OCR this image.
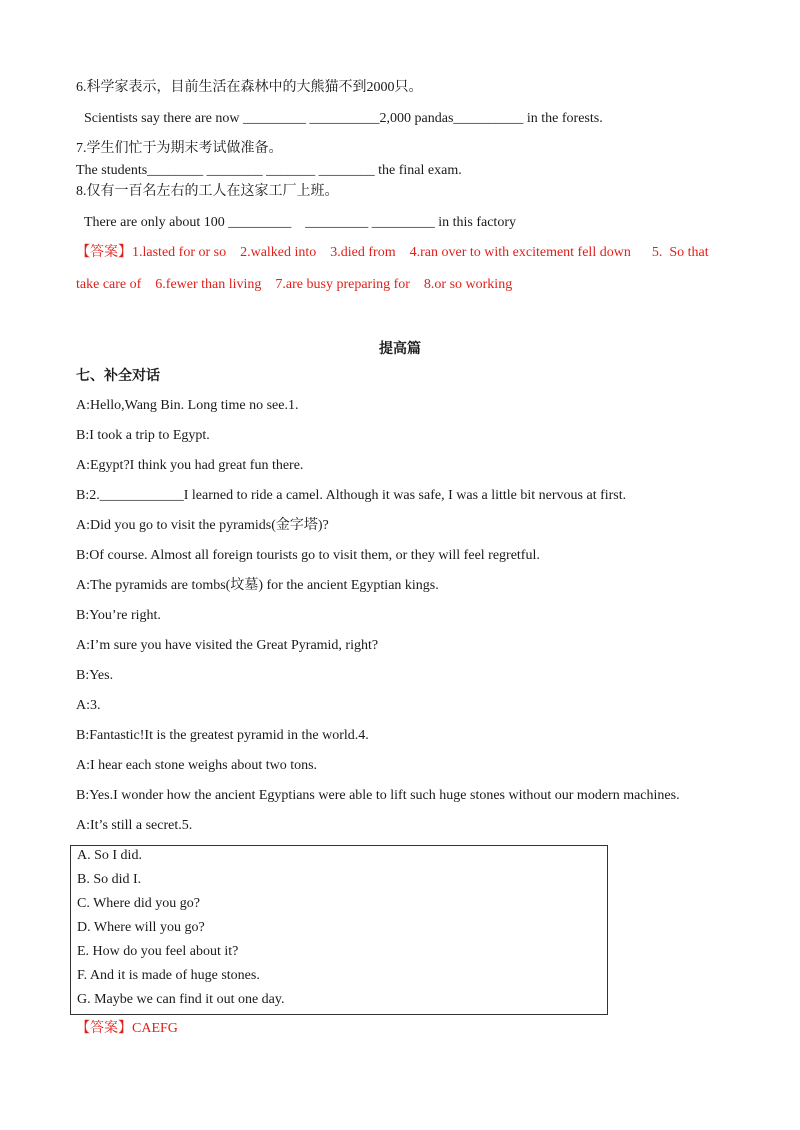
6.科学家表示，目前生活在森林中的大熊猫不到2000只。
Scientists say there are now _________ __________2,000 pandas__________ in the forests.
7.学生们忙于为期末考试做准备。
The students________ ________ _______ ________ the final exam.
8.仅有一百名左右的工人在这家工厂上班。
There are only about 100 _________    _________ _________ in this factory
【答案】1.lasted for or so    2.walked into    3.died from    4.ran over to with excitement fell down      5.  So that
take care of    6.fewer than living    7.are busy preparing for    8.or so working
提高篇
七、补全对话
A:Hello,Wang Bin. Long time no see.1.
B:I took a trip to Egypt.
A:Egypt?I think you had great fun there.
B:2.____________I learned to ride a camel. Although it was safe, I was a little bit nervous at first.
A:Did you go to visit the pyramids(金字塔)?
B:Of course. Almost all foreign tourists go to visit them, or they will feel regretful.
A:The pyramids are tombs(坟墓) for the ancient Egyptian kings.
B:You’re right.
A:I’m sure you have visited the Great Pyramid, right?
B:Yes.
A:3.
B:Fantastic!It is the greatest pyramid in the world.4.
A:I hear each stone weighs about two tons.
B:Yes.I wonder how the ancient Egyptians were able to lift such huge stones without our modern machines.
A:It’s still a secret.5.
A. So I did.
B. So did I.
C. Where did you go?
D. Where will you go?
E. How do you feel about it?
F. And it is made of huge stones.
G. Maybe we can find it out one day.
【答案】CAEFG
